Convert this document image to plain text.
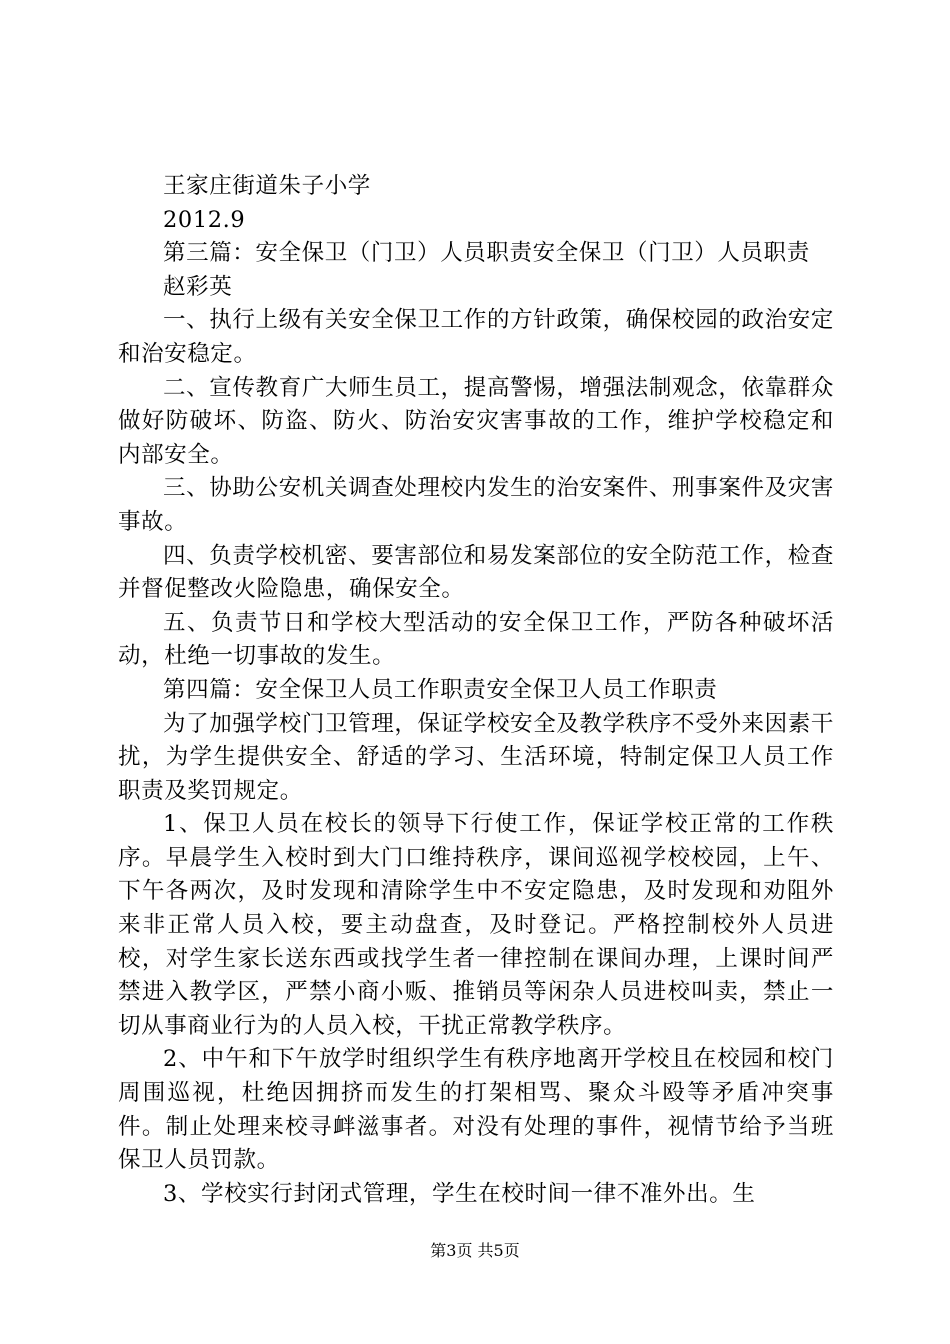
王家庄街道朱子小学

2012.9

第三篇：安全保卫（门卫）人员职责安全保卫（门卫）人员职责

赵彩英

一、执行上级有关安全保卫工作的方针政策，确保校园的政治安定和治安稳定。

二、宣传教育广大师生员工，提高警惕，增强法制观念，依靠群众做好防破坏、防盗、防火、防治安灾害事故的工作，维护学校稳定和内部安全。

三、协助公安机关调查处理校内发生的治安案件、刑事案件及灾害事故。

四、负责学校机密、要害部位和易发案部位的安全防范工作，检查并督促整改火险隐患，确保安全。

五、负责节日和学校大型活动的安全保卫工作，严防各种破坏活动，杜绝一切事故的发生。

第四篇：安全保卫人员工作职责安全保卫人员工作职责

为了加强学校门卫管理，保证学校安全及教学秩序不受外来因素干扰，为学生提供安全、舒适的学习、生活环境，特制定保卫人员工作职责及奖罚规定。

1、保卫人员在校长的领导下行使工作，保证学校正常的工作秩序。早晨学生入校时到大门口维持秩序，课间巡视学校校园，上午、下午各两次，及时发现和清除学生中不安定隐患，及时发现和劝阻外来非正常人员入校，要主动盘查，及时登记。严格控制校外人员进校，对学生家长送东西或找学生者一律控制在课间办理，上课时间严禁进入教学区，严禁小商小贩、推销员等闲杂人员进校叫卖，禁止一切从事商业行为的人员入校，干扰正常教学秩序。

2、中午和下午放学时组织学生有秩序地离开学校且在校园和校门周围巡视，杜绝因拥挤而发生的打架相骂、聚众斗殴等矛盾冲突事件。制止处理来校寻衅滋事者。对没有处理的事件，视情节给予当班保卫人员罚款。

3、学校实行封闭式管理，学生在校时间一律不准外出。生

第3页 共5页
